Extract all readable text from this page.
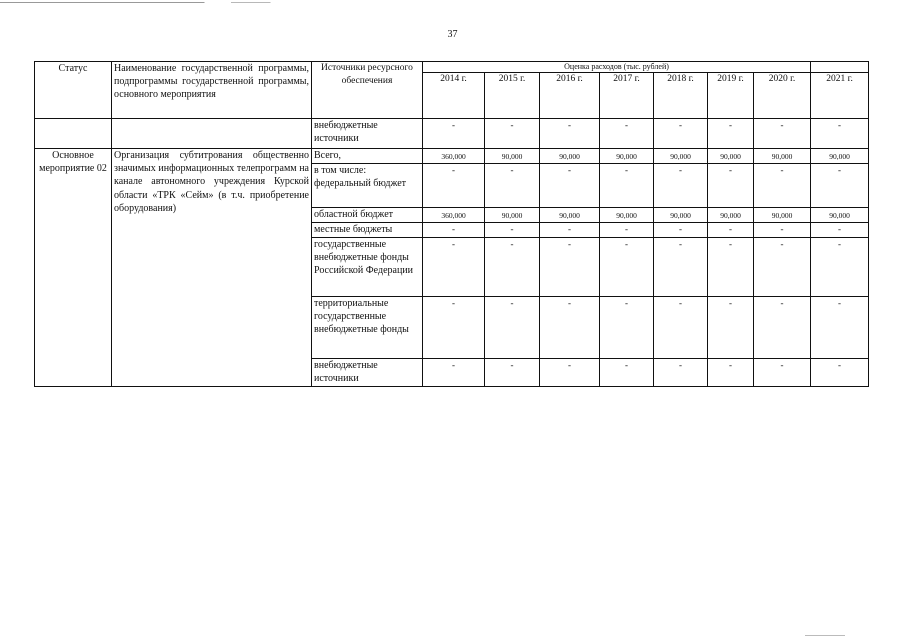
37
Статус	Наименование государственной программы, подпрограммы государственной программы, основного мероприятия	Источники ресурсного обеспечения	Оценка расходов (тыс. рублей)							
			2014 г.	2015 г.	2016 г.	2017 г.	2018 г.	2019 г.	2020 г.	2021 г.
		внебюджетные источники	-	-	-	-	-	-	-	-
Основное мероприятие 02	Организация субтитрования общественно значимых информационных телепрограмм на канале автономного учреждения Курской области «ТРК «Сейм» (в т.ч. приобретение оборудования)	Всего,	360,000	90,000	90,000	90,000	90,000	90,000	90,000	90,000
		в том числе: федеральный бюджет	-	-	-	-	-	-	-	-
		областной бюджет	360,000	90,000	90,000	90,000	90,000	90,000	90,000	90,000
		местные бюджеты	-	-	-	-	-	-	-	-
		государственные внебюджетные фонды Российской Федерации	-	-	-	-	-	-	-	-
		территориальные государственные внебюджетные фонды	-	-	-	-	-	-	-	-
		внебюджетные источники	-	-	-	-	-	-	-	-
